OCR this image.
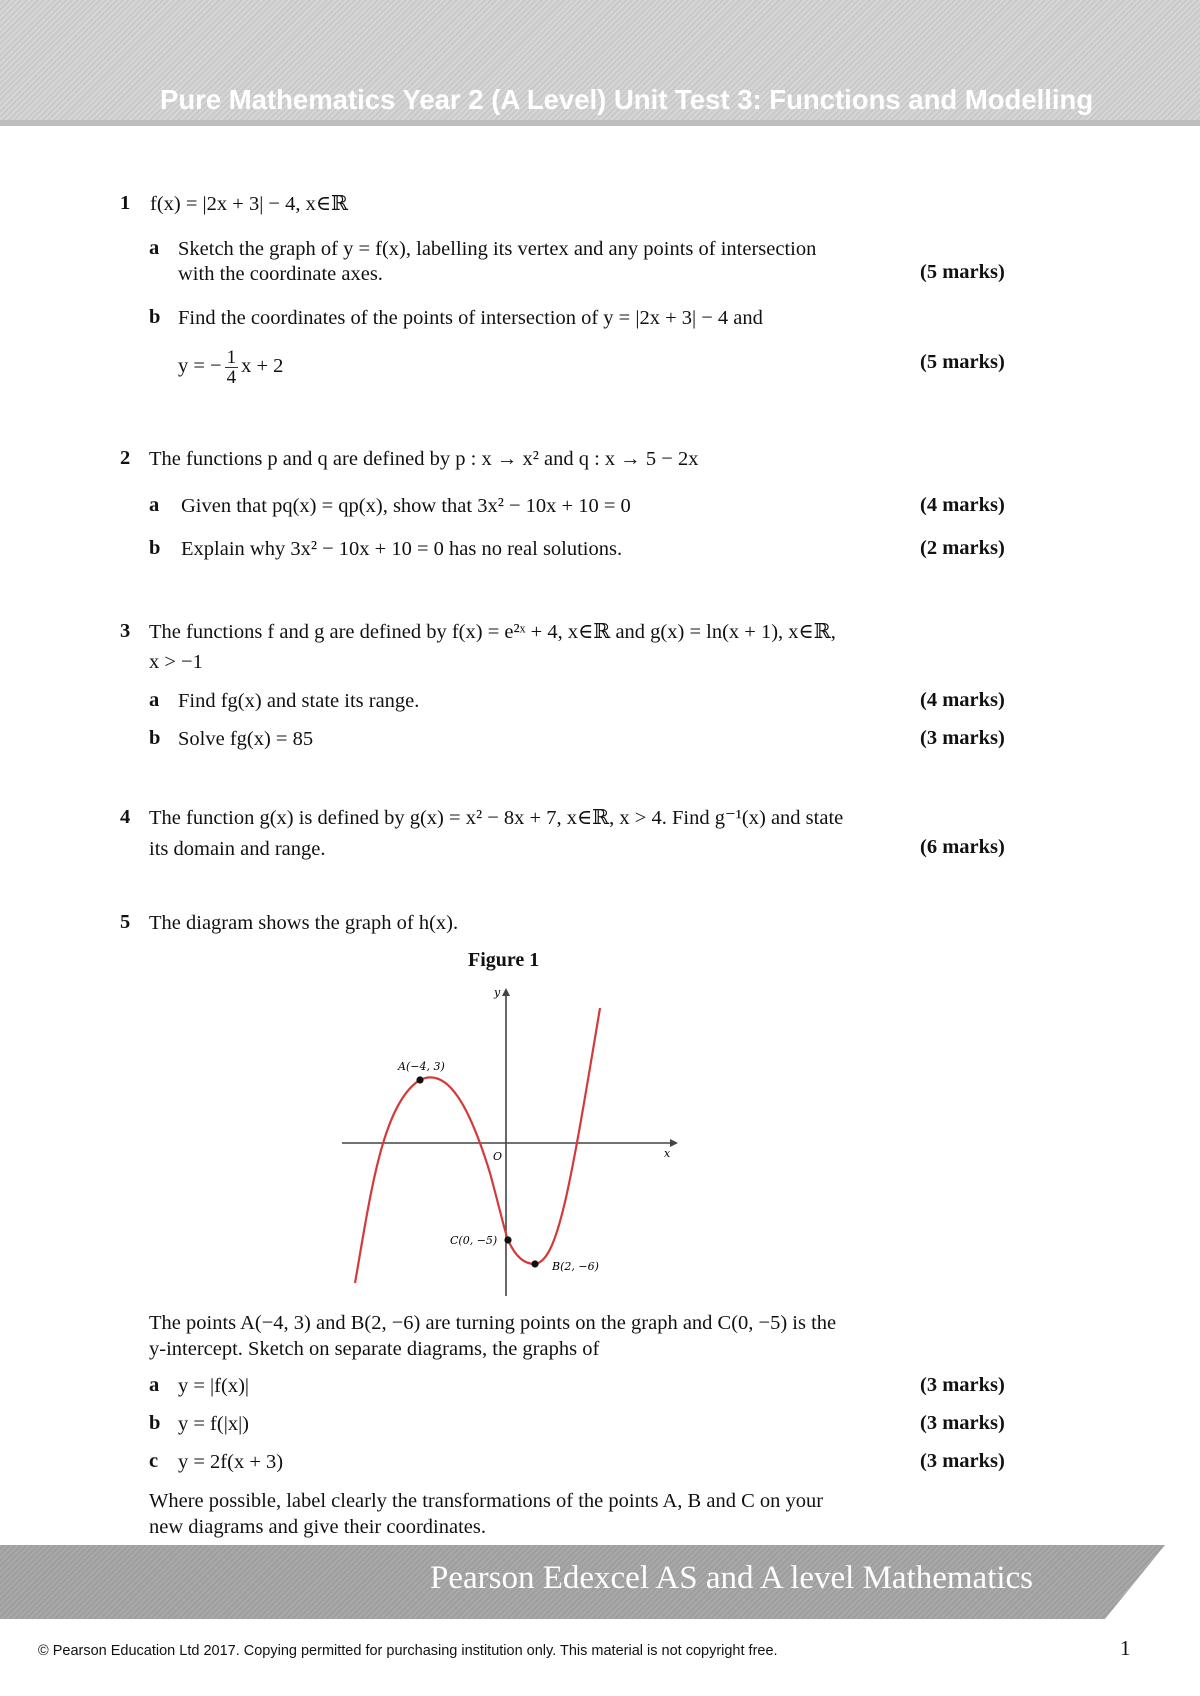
Pure Mathematics Year 2 (A Level) Unit Test 3: Functions and Modelling
1 f(x) = |2x + 3| − 4, x∈ℝ
a Sketch the graph of y = f(x), labelling its vertex and any points of intersection
with the coordinate axes.	(5 marks)
b Find the coordinates of the points of intersection of y = |2x + 3| − 4 and
y = − $\frac{1}{4}$ x + 2	(5 marks)
2 The functions p and q are defined by p : x → x² and q : x → 5 − 2x
a Given that pq(x) = qp(x), show that 3x² − 10x + 10 = 0	(4 marks)
b Explain why 3x² − 10x + 10 = 0 has no real solutions.	(2 marks)
3 The functions f and g are defined by f(x) = e²ˣ + 4, x∈ℝ and g(x) = ln(x + 1), x∈ℝ,
x > −1
a Find fg(x) and state its range.	(4 marks)
b Solve fg(x) = 85	(3 marks)
4 The function g(x) is defined by g(x) = x² − 8x + 7, x∈ℝ, x > 4. Find g⁻¹(x) and state
its domain and range.	(6 marks)
5 The diagram shows the graph of h(x).
Figure 1
y
x
O
A(−4, 3)
C(0, −5)
B(2, −6)
The points A(−4, 3) and B(2, −6) are turning points on the graph and C(0, −5) is the
y-intercept. Sketch on separate diagrams, the graphs of
a y = |f(x)|	(3 marks)
b y = f(|x|)	(3 marks)
c y = 2f(x + 3)	(3 marks)
Where possible, label clearly the transformations of the points A, B and C on your
new diagrams and give their coordinates.
Pearson Edexcel AS and A level Mathematics
© Pearson Education Ltd 2017. Copying permitted for purchasing institution only. This material is not copyright free.	1
